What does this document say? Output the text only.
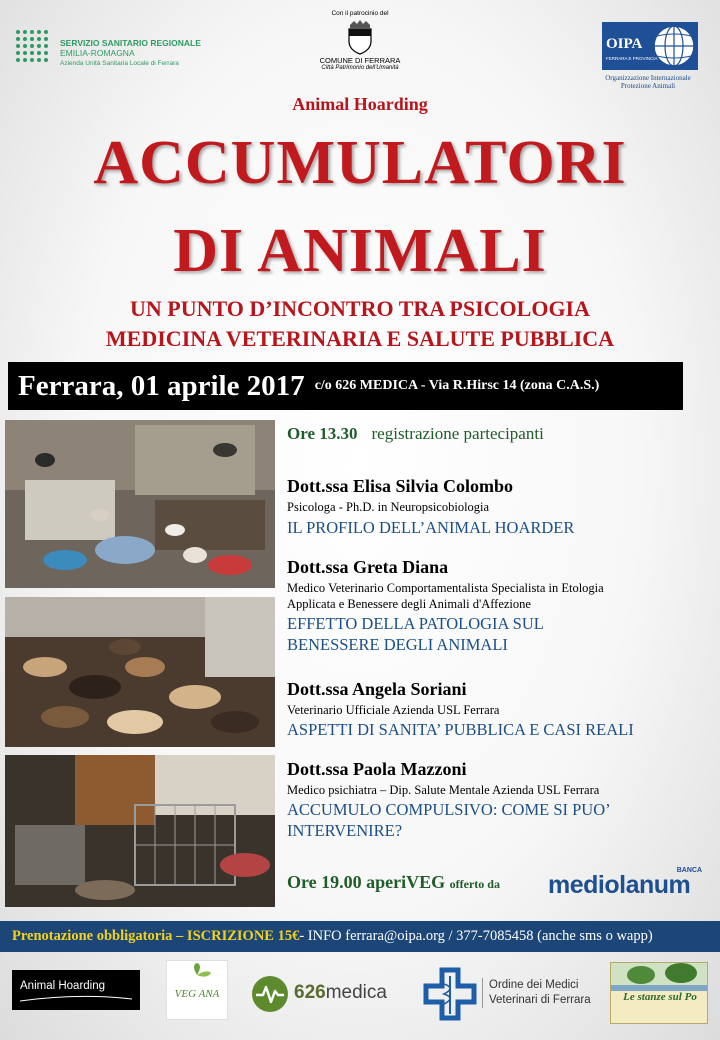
SERVIZIO SANITARIO REGIONALE
EMILIA-ROMAGNA
Azienda Unità Sanitaria Locale di Ferrara
Con il patrocinio del
COMUNE DI FERRARA
Città Patrimonio dell'Umanità
OIPA
FERRARA E PROVINCIA
Organizzazione Internazionale
Protezione Animali
Animal Hoarding
ACCUMULATORI
DI ANIMALI
UN PUNTO D’INCONTRO TRA PSICOLOGIA
MEDICINA VETERINARIA E SALUTE PUBBLICA
Ferrara, 01 aprile 2017 c/o 626 MEDICA - Via R.Hirsc 14 (zona C.A.S.)
Ore 13.30 registrazione partecipanti
Dott.ssa Elisa Silvia Colombo
Psicologa - Ph.D. in Neuropsicobiologia
IL PROFILO DELL’ANIMAL HOARDER
Dott.ssa Greta Diana
Medico Veterinario Comportamentalista Specialista in Etologia
Applicata e Benessere degli Animali d'Affezione
EFFETTO DELLA PATOLOGIA SUL
BENESSERE DEGLI ANIMALI
Dott.ssa Angela Soriani
Veterinario Ufficiale Azienda USL Ferrara
ASPETTI DI SANITA’ PUBBLICA E CASI REALI
Dott.ssa Paola Mazzoni
Medico psichiatra – Dip. Salute Mentale Azienda USL Ferrara
ACCUMULO COMPULSIVO: COME SI PUO’
INTERVENIRE?
Ore 19.00 aperiVEG offerto da
BANCA
mediolanum
Prenotazione obbligatoria – ISCRIZIONE 15€ - INFO ferrara@oipa.org / 377-7085458 (anche sms o wapp)
Animal Hoarding
VEG ANA	626medica	Ordine dei Medici
Veterinari di Ferrara	Le stanze sul Po
